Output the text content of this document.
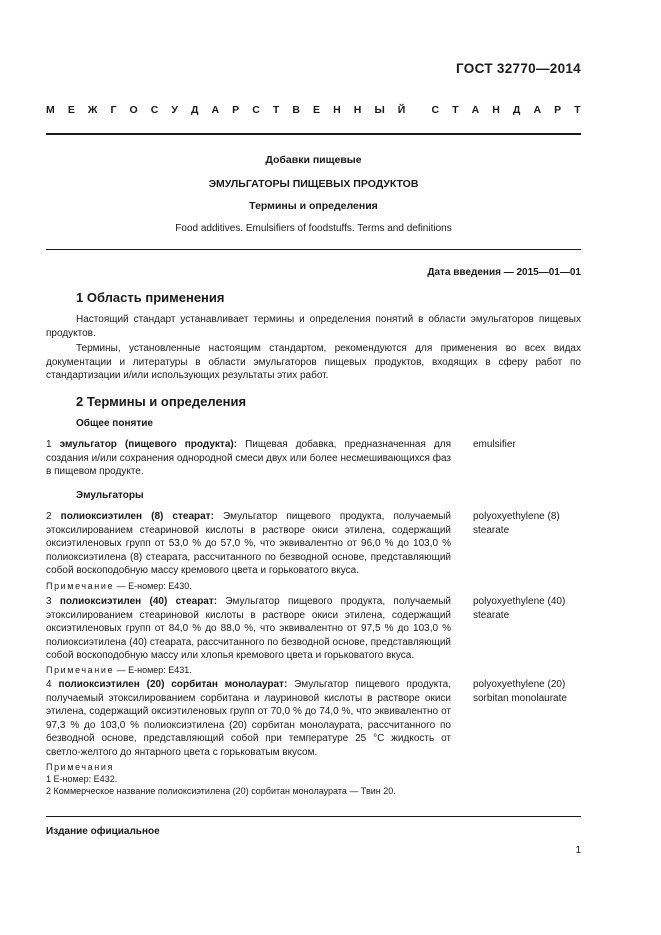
ГОСТ 32770—2014
М Е Ж Г О С У Д А Р С Т В Е Н Н Ы Й С Т А Н Д А Р Т
Добавки пищевые
ЭМУЛЬГАТОРЫ ПИЩЕВЫХ ПРОДУКТОВ
Термины и определения
Food additives. Emulsifiers of foodstuffs. Terms and definitions
Дата введения — 2015—01—01
1 Область применения

Настоящий стандарт устанавливает термины и определения понятий в области эмульгаторов пищевых продуктов.

Термины, установленные настоящим стандартом, рекомендуются для применения во всех видах документации и литературы в области эмульгаторов пищевых продуктов, входящих в сферу работ по стандартизации и/или использующих результаты этих работ.

2 Термины и определения
Общее понятие

1 эмульгатор (пищевого продукта): Пищевая добавка, предназначенная для создания и/или сохранения однородной смеси двух или более несмешивающихся фаз в пищевом продукте.

emulsifier

Эмульгаторы

2 полиоксиэтилен (8) стеарат: Эмульгатор пищевого продукта, получаемый этоксилированием стеариновой кислоты в растворе окиси этилена, содержащий оксиэтиленовых групп от 53,0 % до 57,0 %, что эквивалентно от 96,0 % до 103,0 % полиоксиэтилена (8) стеарата, рассчитанного по безводной основе, представляющий собой воскоподобную массу кремового цвета и горьковатого вкуса.

polyoxyethylene (8) stearate

Примечание — Е-номер: Е430.

3 полиоксиэтилен (40) стеарат: Эмульгатор пищевого продукта, получаемый этоксилированием стеариновой кислоты в растворе окиси этилена, содержащий оксиэтиленовых групп от 84,0 % до 88,0 %, что эквивалентно от 97,5 % до 103,0 % полиоксиэтилена (40) стеарата, рассчитанного по безводной основе, представляющий собой воскоподобную массу или хлопья кремового цвета и горьковатого вкуса.

polyoxyethylene (40) stearate

Примечание — Е-номер: Е431.

4 полиоксиэтилен (20) сорбитан монолаурат: Эмульгатор пищевого продукта, получаемый этоксилированием сорбитана и лауриновой кислоты в растворе окиси этилена, содержащий оксиэтиленовых групп от 70,0 % до 74,0 %, что эквивалентно от 97,3 % до 103,0 % полиоксиэтилена (20) сорбитан монолаурата, рассчитанного по безводной основе, представляющий собой при температуре 25 °С жидкость от светло-желтого до янтарного цвета с горьковатым вкусом.

polyoxyethylene (20) sorbitan monolaurate

Примечания

1 Е-номер: Е432.

2 Коммерческое название полиоксиэтилена (20) сорбитан монолаурата — Твин 20.

Издание официальное
1
